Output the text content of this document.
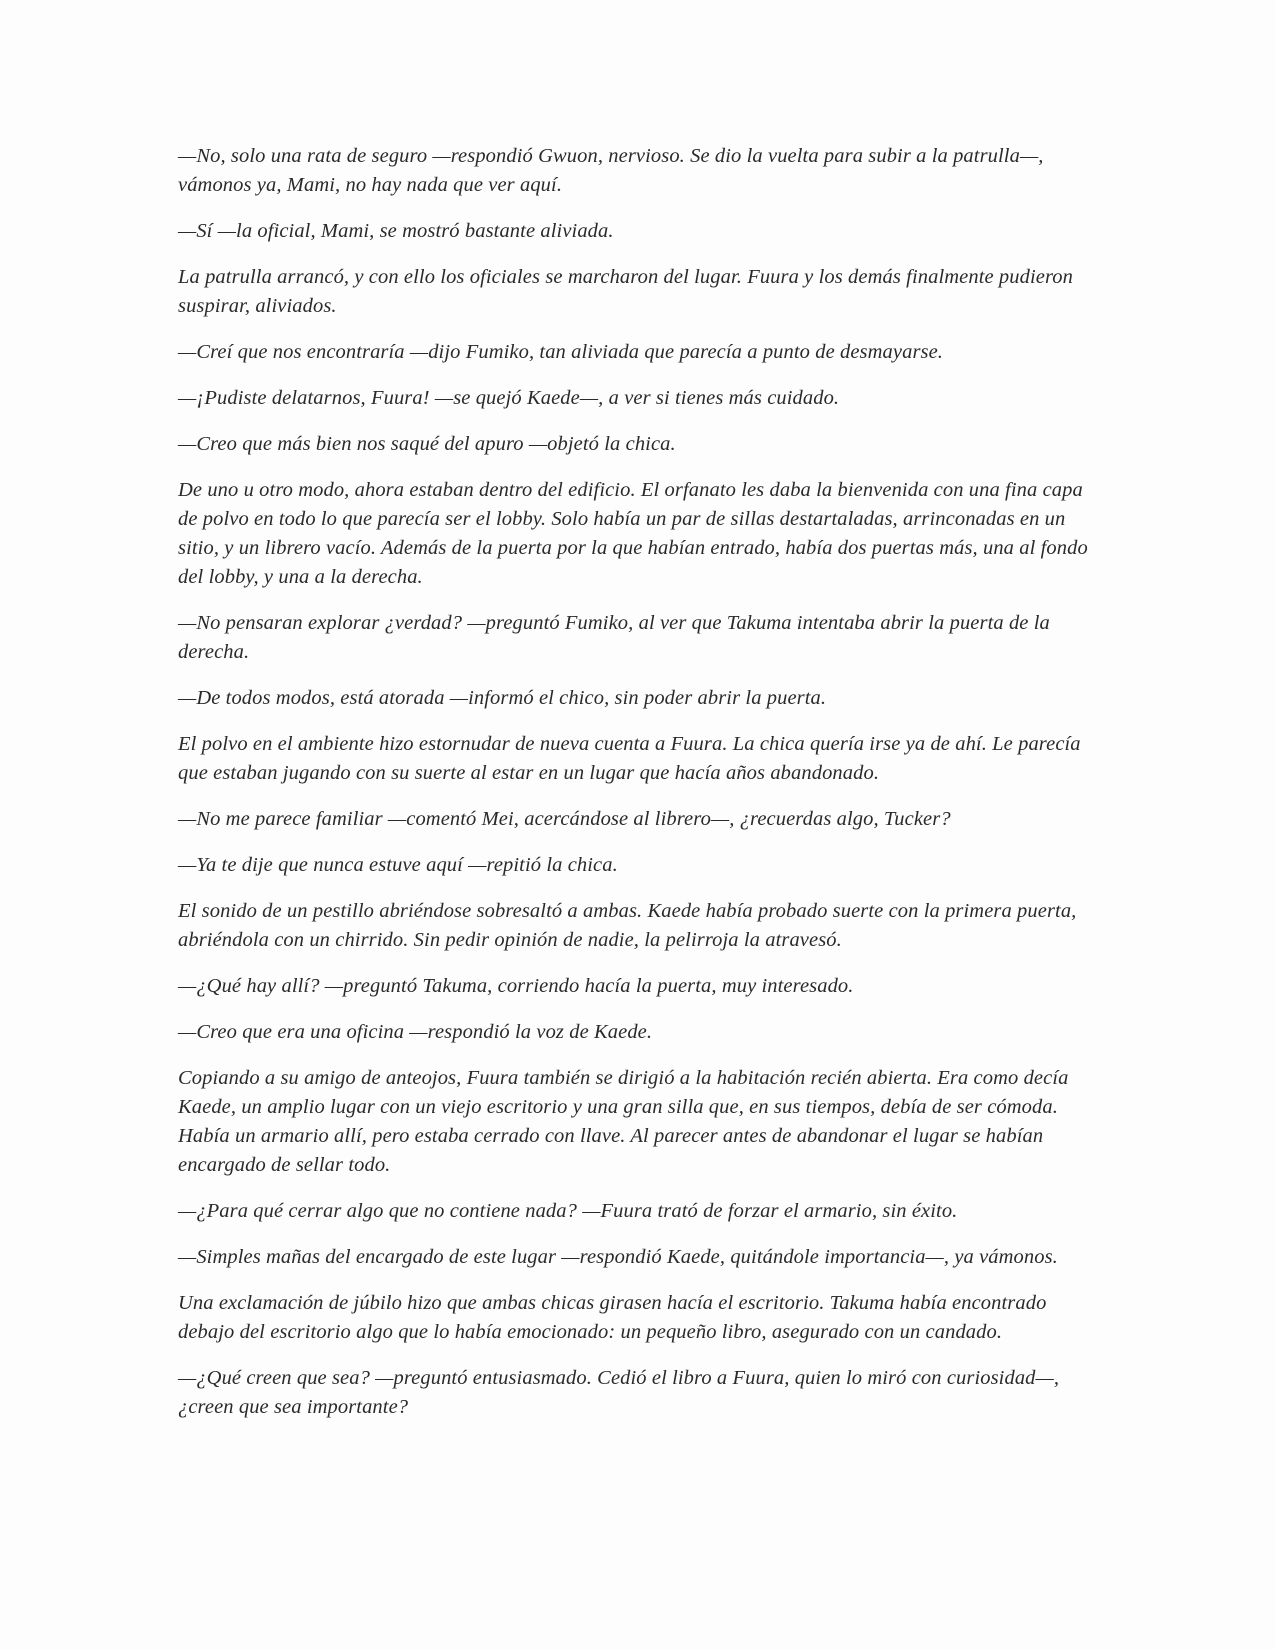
—No, solo una rata de seguro —respondió Gwuon, nervioso. Se dio la vuelta para subir a la patrulla—, vámonos ya, Mami, no hay nada que ver aquí.

—Sí —la oficial, Mami, se mostró bastante aliviada.

La patrulla arrancó, y con ello los oficiales se marcharon del lugar. Fuura y los demás finalmente pudieron suspirar, aliviados.

—Creí que nos encontraría —dijo Fumiko, tan aliviada que parecía a punto de desmayarse.

—¡Pudiste delatarnos, Fuura! —se quejó Kaede—, a ver si tienes más cuidado.

—Creo que más bien nos saqué del apuro —objetó la chica.

De uno u otro modo, ahora estaban dentro del edificio. El orfanato les daba la bienvenida con una fina capa de polvo en todo lo que parecía ser el lobby. Solo había un par de sillas destartaladas, arrinconadas en un sitio, y un librero vacío. Además de la puerta por la que habían entrado, había dos puertas más, una al fondo del lobby, y una a la derecha.

—No pensaran explorar ¿verdad? —preguntó Fumiko, al ver que Takuma intentaba abrir la puerta de la derecha.

—De todos modos, está atorada —informó el chico, sin poder abrir la puerta.

El polvo en el ambiente hizo estornudar de nueva cuenta a Fuura. La chica quería irse ya de ahí. Le parecía que estaban jugando con su suerte al estar en un lugar que hacía años abandonado.

—No me parece familiar —comentó Mei, acercándose al librero—, ¿recuerdas algo, Tucker?

—Ya te dije que nunca estuve aquí —repitió la chica.

El sonido de un pestillo abriéndose sobresaltó a ambas. Kaede había probado suerte con la primera puerta, abriéndola con un chirrido. Sin pedir opinión de nadie, la pelirroja la atravesó.

—¿Qué hay allí? —preguntó Takuma, corriendo hacía la puerta, muy interesado.

—Creo que era una oficina —respondió la voz de Kaede.

Copiando a su amigo de anteojos, Fuura también se dirigió a la habitación recién abierta. Era como decía Kaede, un amplio lugar con un viejo escritorio y una gran silla que, en sus tiempos, debía de ser cómoda. Había un armario allí, pero estaba cerrado con llave. Al parecer antes de abandonar el lugar se habían encargado de sellar todo.

—¿Para qué cerrar algo que no contiene nada? —Fuura trató de forzar el armario, sin éxito.

—Simples mañas del encargado de este lugar —respondió Kaede, quitándole importancia—, ya vámonos.

Una exclamación de júbilo hizo que ambas chicas girasen hacía el escritorio. Takuma había encontrado debajo del escritorio algo que lo había emocionado: un pequeño libro, asegurado con un candado.

—¿Qué creen que sea? —preguntó entusiasmado. Cedió el libro a Fuura, quien lo miró con curiosidad—, ¿creen que sea importante?
